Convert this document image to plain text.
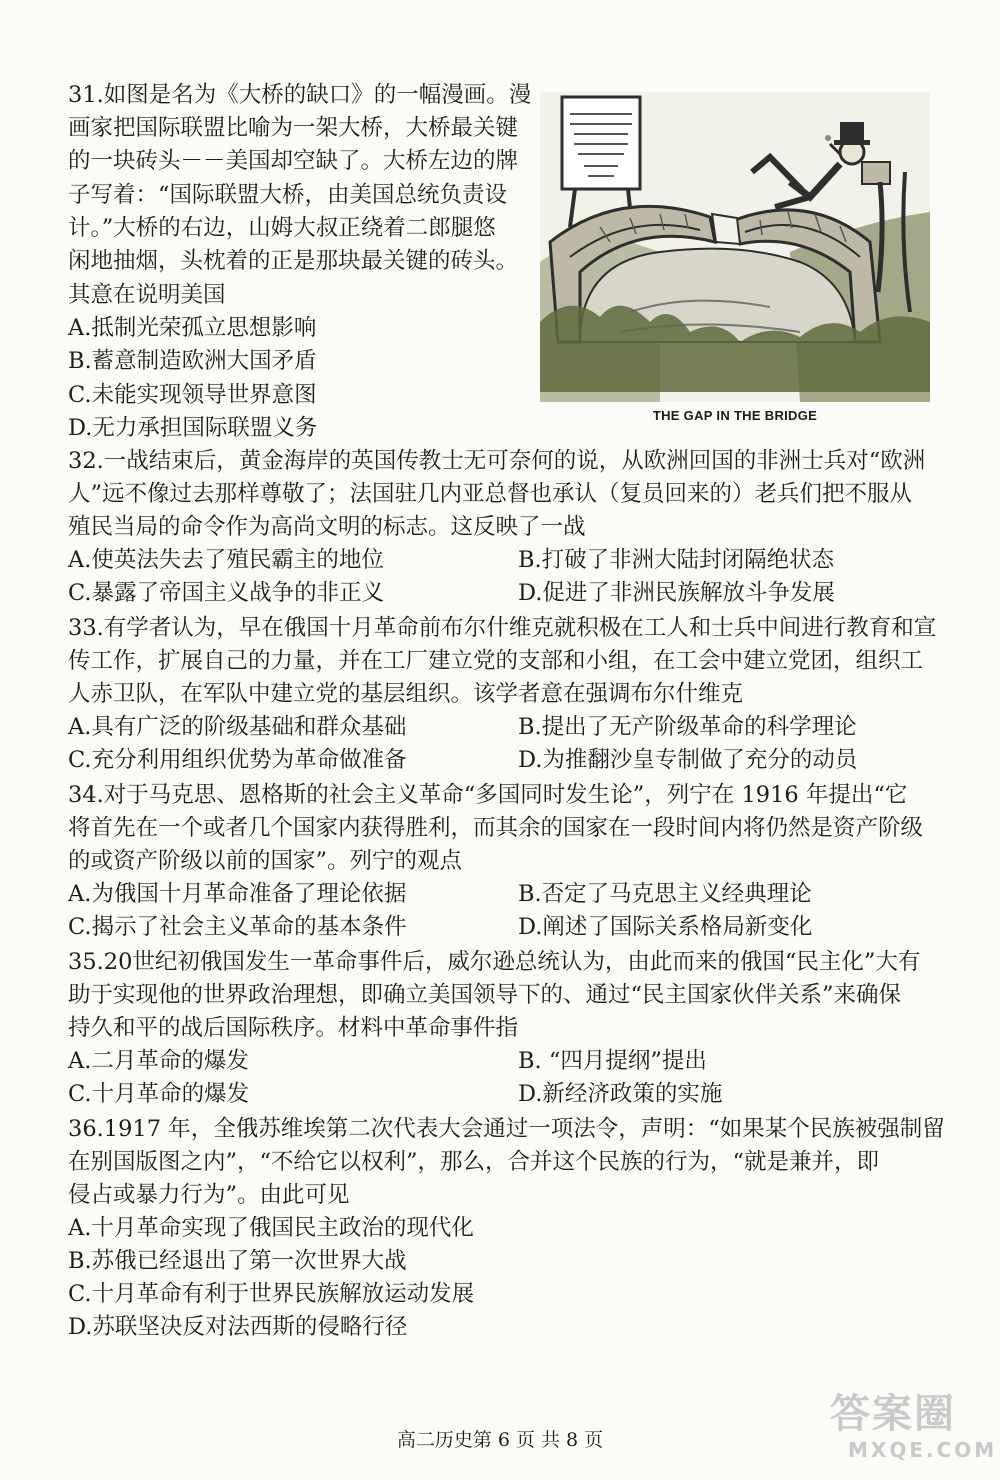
31.如图是名为《大桥的缺口》的一幅漫画。漫
画家把国际联盟比喻为一架大桥，大桥最关键
的一块砖头－－美国却空缺了。大桥左边的牌
子写着：“国际联盟大桥，由美国总统负责设
计。”大桥的右边，山姆大叔正绕着二郎腿悠
闲地抽烟，头枕着的正是那块最关键的砖头。
其意在说明美国
A.抵制光荣孤立思想影响
B.蓄意制造欧洲大国矛盾
C.未能实现领导世界意图
D.无力承担国际联盟义务	THE GAP IN THE BRIDGE
32.一战结束后，黄金海岸的英国传教士无可奈何的说，从欧洲回国的非洲士兵对“欧洲
人”远不像过去那样尊敬了；法国驻几内亚总督也承认（复员回来的）老兵们把不服从
殖民当局的命令作为高尚文明的标志。这反映了一战
A.使英法失去了殖民霸主的地位	B.打破了非洲大陆封闭隔绝状态
C.暴露了帝国主义战争的非正义	D.促进了非洲民族解放斗争发展
33.有学者认为，早在俄国十月革命前布尔什维克就积极在工人和士兵中间进行教育和宣
传工作，扩展自己的力量，并在工厂建立党的支部和小组，在工会中建立党团，组织工
人赤卫队，在军队中建立党的基层组织。该学者意在强调布尔什维克
A.具有广泛的阶级基础和群众基础	B.提出了无产阶级革命的科学理论
C.充分利用组织优势为革命做准备	D.为推翻沙皇专制做了充分的动员
34.对于马克思、恩格斯的社会主义革命“多国同时发生论”，列宁在 1916 年提出“它
将首先在一个或者几个国家内获得胜利，而其余的国家在一段时间内将仍然是资产阶级
的或资产阶级以前的国家”。列宁的观点
A.为俄国十月革命准备了理论依据	B.否定了马克思主义经典理论
C.揭示了社会主义革命的基本条件	D.阐述了国际关系格局新变化
35.20世纪初俄国发生一革命事件后，威尔逊总统认为，由此而来的俄国“民主化”大有
助于实现他的世界政治理想，即确立美国领导下的、通过“民主国家伙伴关系”来确保
持久和平的战后国际秩序。材料中革命事件指
A.二月革命的爆发	B. “四月提纲”提出
C.十月革命的爆发	D.新经济政策的实施
36.1917 年，全俄苏维埃第二次代表大会通过一项法令，声明：“如果某个民族被强制留
在别国版图之内”，“不给它以权利”，那么，合并这个民族的行为，“就是兼并，即
侵占或暴力行为”。由此可见
A.十月革命实现了俄国民主政治的现代化
B.苏俄已经退出了第一次世界大战
C.十月革命有利于世界民族解放运动发展
D.苏联坚决反对法西斯的侵略行径
高二历史第 6 页 共 8 页
答案圈
MXQE.COM
